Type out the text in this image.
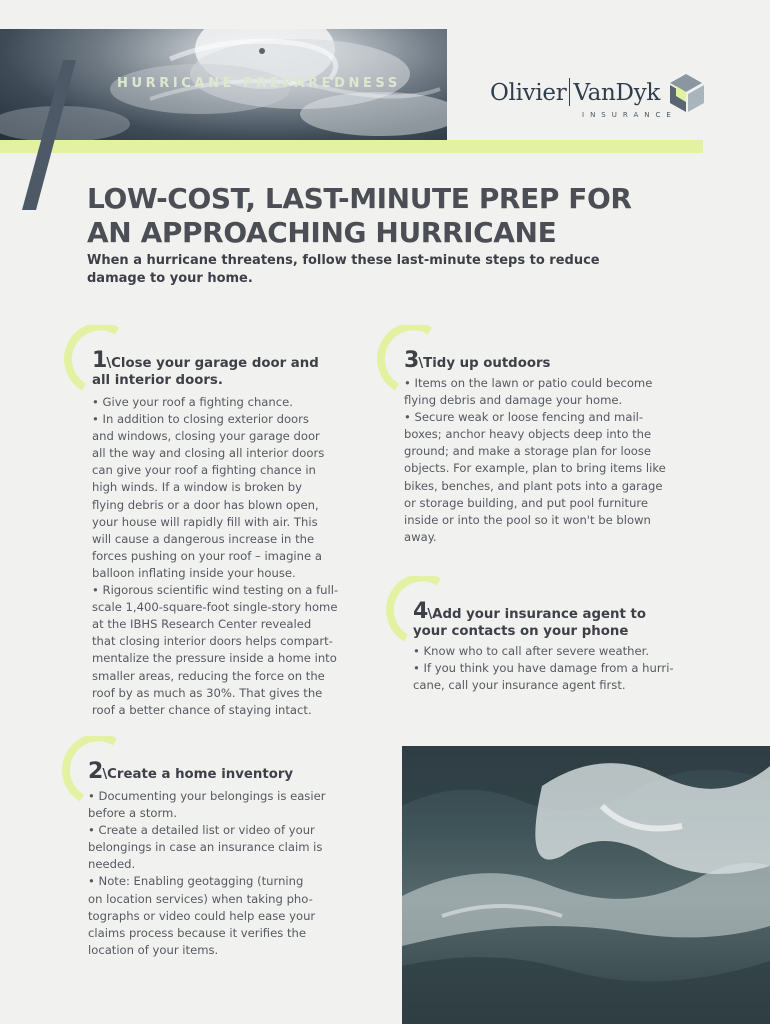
HURRICANE PREPAREDNESS	Olivier VanDyk

INSURANCE

LOW-COST, LAST-MINUTE PREP FOR
AN APPROACHING HURRICANE

When a hurricane threatens, follow these last-minute steps to reduce
damage to your home.

1\Close your garage door and
all interior doors.

• Give your roof a fighting chance.

• In addition to closing exterior doors

and windows, closing your garage door

all the way and closing all interior doors

can give your roof a fighting chance in

high winds. If a window is broken by

flying debris or a door has blown open,

your house will rapidly fill with air. This

will cause a dangerous increase in the

forces pushing on your roof – imagine a

balloon inflating inside your house.

• Rigorous scientific wind testing on a full-

scale 1,400-square-foot single-story home

at the IBHS Research Center revealed

that closing interior doors helps compart-

mentalize the pressure inside a home into

smaller areas, reducing the force on the

roof by as much as 30%. That gives the

roof a better chance of staying intact.

2\Create a home inventory

• Documenting your belongings is easier

before a storm.

• Create a detailed list or video of your

belongings in case an insurance claim is

needed.

• Note: Enabling geotagging (turning

on location services) when taking pho-

tographs or video could help ease your

claims process because it verifies the

location of your items.

3\Tidy up outdoors

• Items on the lawn or patio could become

flying debris and damage your home.

• Secure weak or loose fencing and mail-

boxes; anchor heavy objects deep into the

ground; and make a storage plan for loose

objects. For example, plan to bring items like

bikes, benches, and plant pots into a garage

or storage building, and put pool furniture

inside or into the pool so it won't be blown

away.

4\Add your insurance agent to
your contacts on your phone

• Know who to call after severe weather.

• If you think you have damage from a hurri-

cane, call your insurance agent first.
